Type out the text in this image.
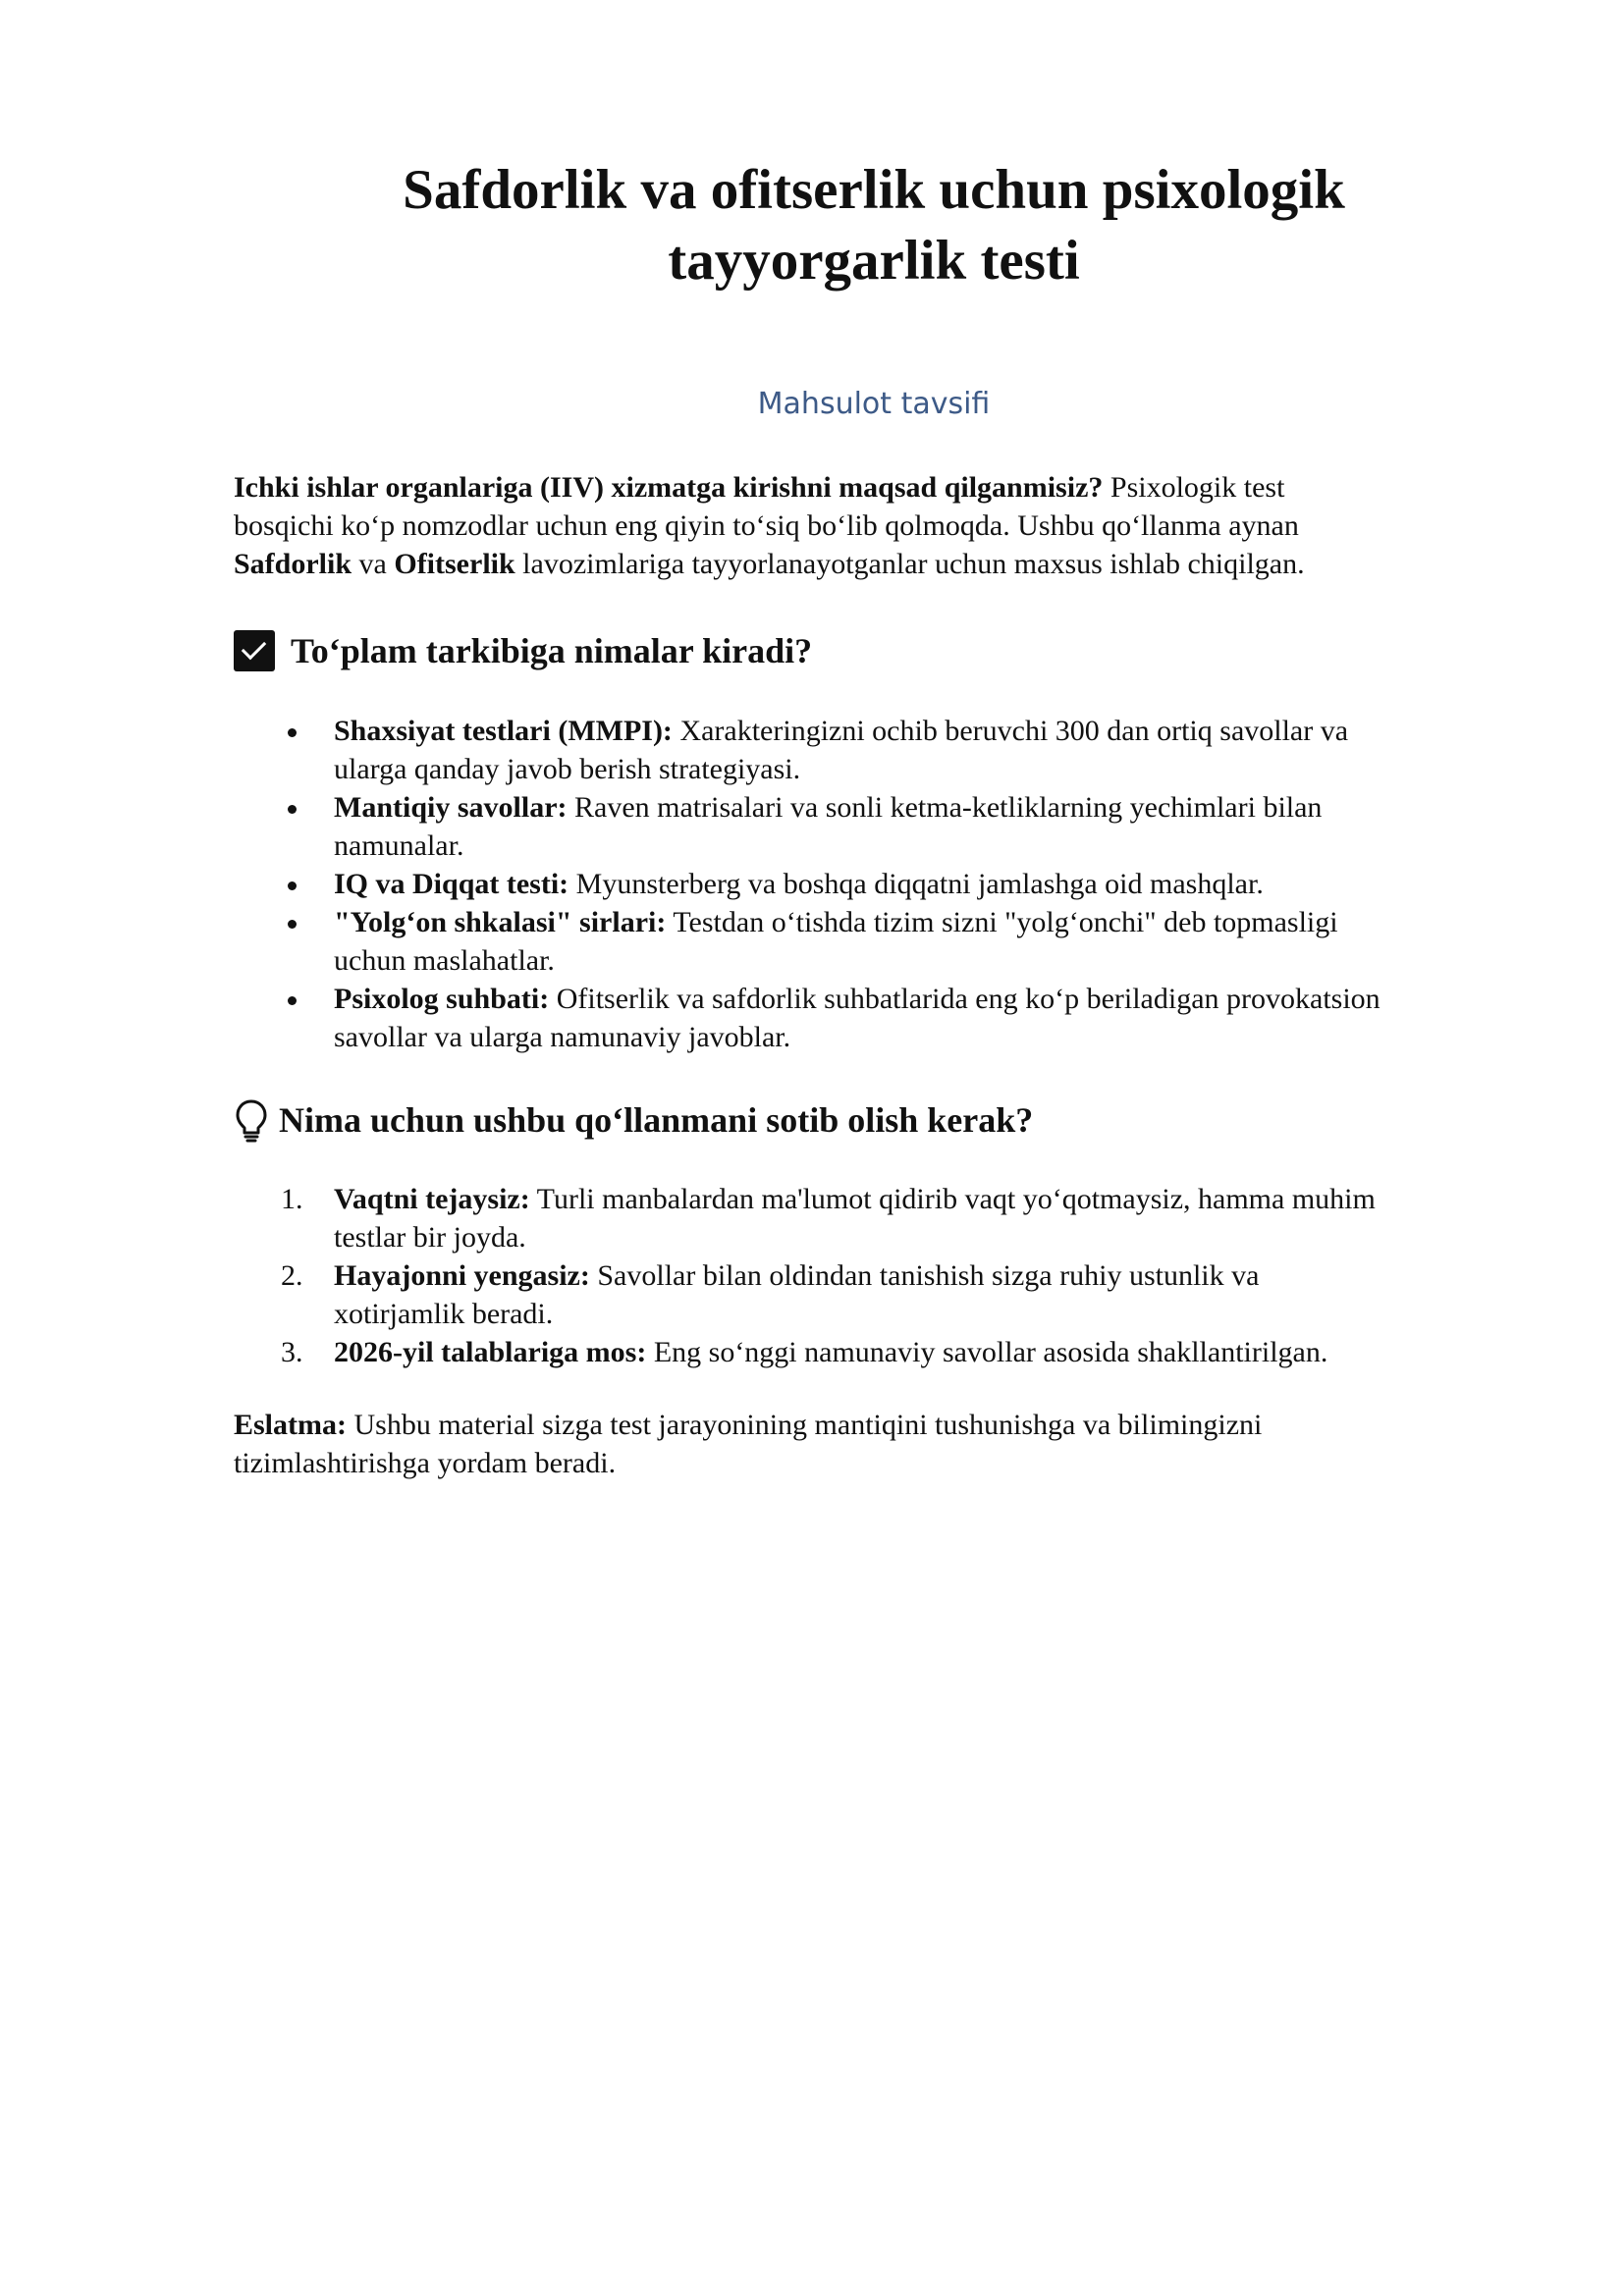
Safdorlik va ofitserlik uchun psixologik
tayyorgarlik testi
Mahsulot tavsifi

Ichki ishlar organlariga (IIV) xizmatga kirishni maqsad qilganmisiz? Psixologik test
bosqichi koʻp nomzodlar uchun eng qiyin toʻsiq boʻlib qolmoqda. Ushbu qoʻllanma aynan
Safdorlik va Ofitserlik lavozimlariga tayyorlanayotganlar uchun maxsus ishlab chiqilgan.

Toʻplam tarkibiga nimalar kiradi?
Shaxsiyat testlari (MMPI): Xarakteringizni ochib beruvchi 300 dan ortiq savollar va
ularga qanday javob berish strategiyasi.
Mantiqiy savollar: Raven matrisalari va sonli ketma-ketliklarning yechimlari bilan
namunalar.
IQ va Diqqat testi: Myunsterberg va boshqa diqqatni jamlashga oid mashqlar.
"Yolgʻon shkalasi" sirlari: Testdan oʻtishda tizim sizni "yolgʻonchi" deb topmasligi
uchun maslahatlar.
Psixolog suhbati: Ofitserlik va safdorlik suhbatlarida eng koʻp beriladigan provokatsion
savollar va ularga namunaviy javoblar.
Nima uchun ushbu qoʻllanmani sotib olish kerak?
1. Vaqtni tejaysiz: Turli manbalardan ma'lumot qidirib vaqt yoʻqotmaysiz, hamma muhim
testlar bir joyda.
2. Hayajonni yengasiz: Savollar bilan oldindan tanishish sizga ruhiy ustunlik va
xotirjamlik beradi.
3. 2026-yil talablariga mos: Eng soʻnggi namunaviy savollar asosida shakllantirilgan.

Eslatma: Ushbu material sizga test jarayonining mantiqini tushunishga va bilimingizni
tizimlashtirishga yordam beradi.
